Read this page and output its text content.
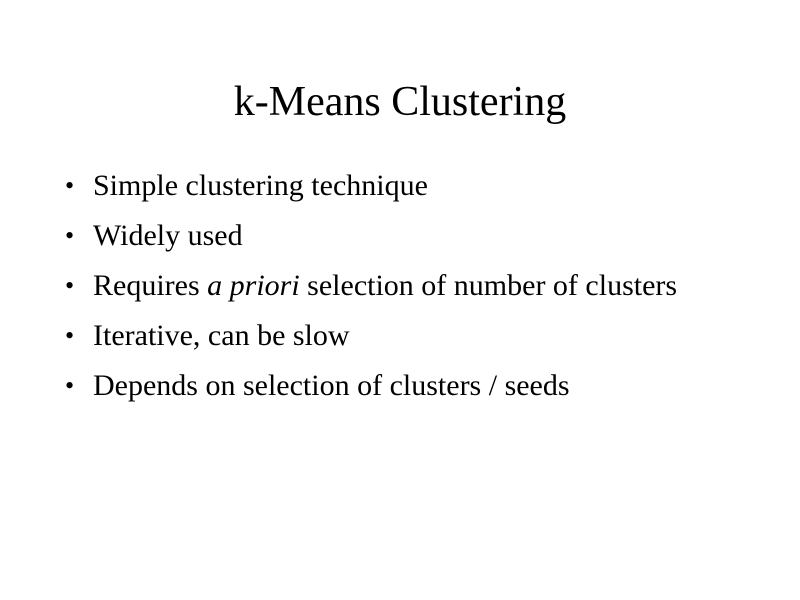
k-Means Clustering
• Simple clustering technique
• Widely used
• Requires a priori selection of number of clusters
• Iterative, can be slow
• Depends on selection of clusters / seeds
